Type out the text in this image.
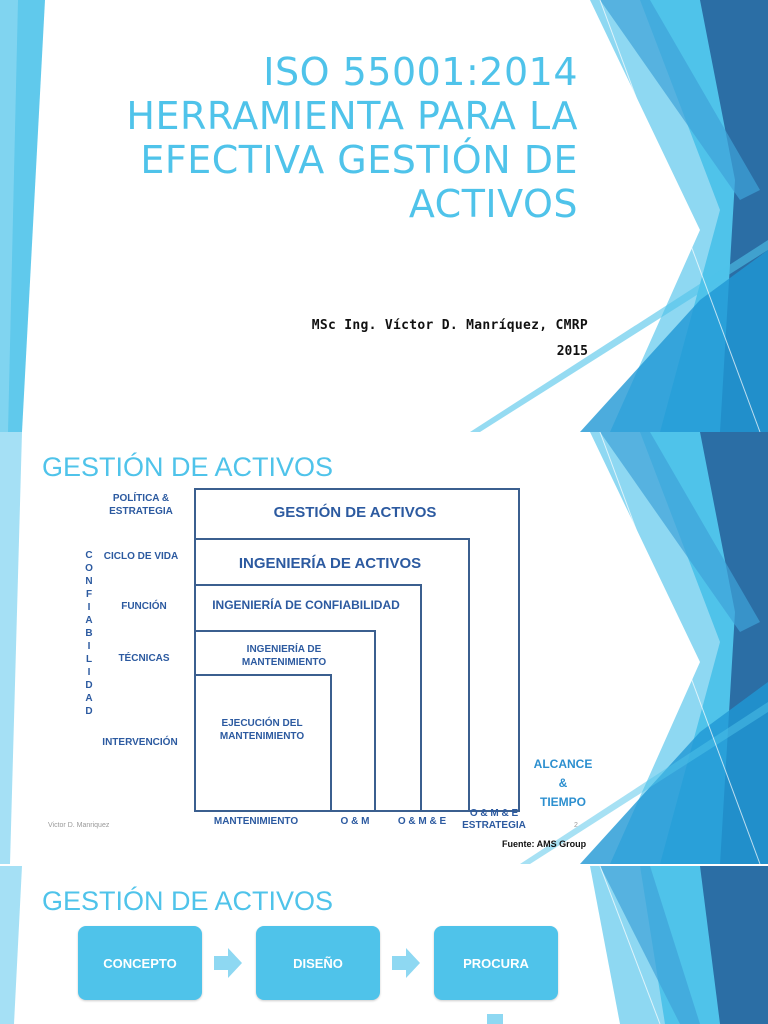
ISO 55001:2014
HERRAMIENTA PARA LA
EFECTIVA GESTIÓN DE
ACTIVOS
MSc Ing. Víctor D. Manríquez, CMRP
2015
GESTIÓN DE ACTIVOS
POLÍTICA & ESTRATEGIA
CICLO DE VIDA
FUNCIÓN
TÉCNICAS
INTERVENCIÓN
C
O
N
F
I
A
B
I
L
I
D
A
D
GESTIÓN DE ACTIVOS
INGENIERÍA DE ACTIVOS
INGENIERÍA DE CONFIABILIDAD
INGENIERÍA DE MANTENIMIENTO
EJECUCIÓN DEL MANTENIMIENTO
MANTENIMIENTO	O & M	O & M & E
O & M & E ESTRATEGIA
ALCANCE
&
TIEMPO
Fuente: AMS Group
Victor D. Manriquez	2
GESTIÓN DE ACTIVOS
CONCEPTO	DISEÑO	PROCURA
